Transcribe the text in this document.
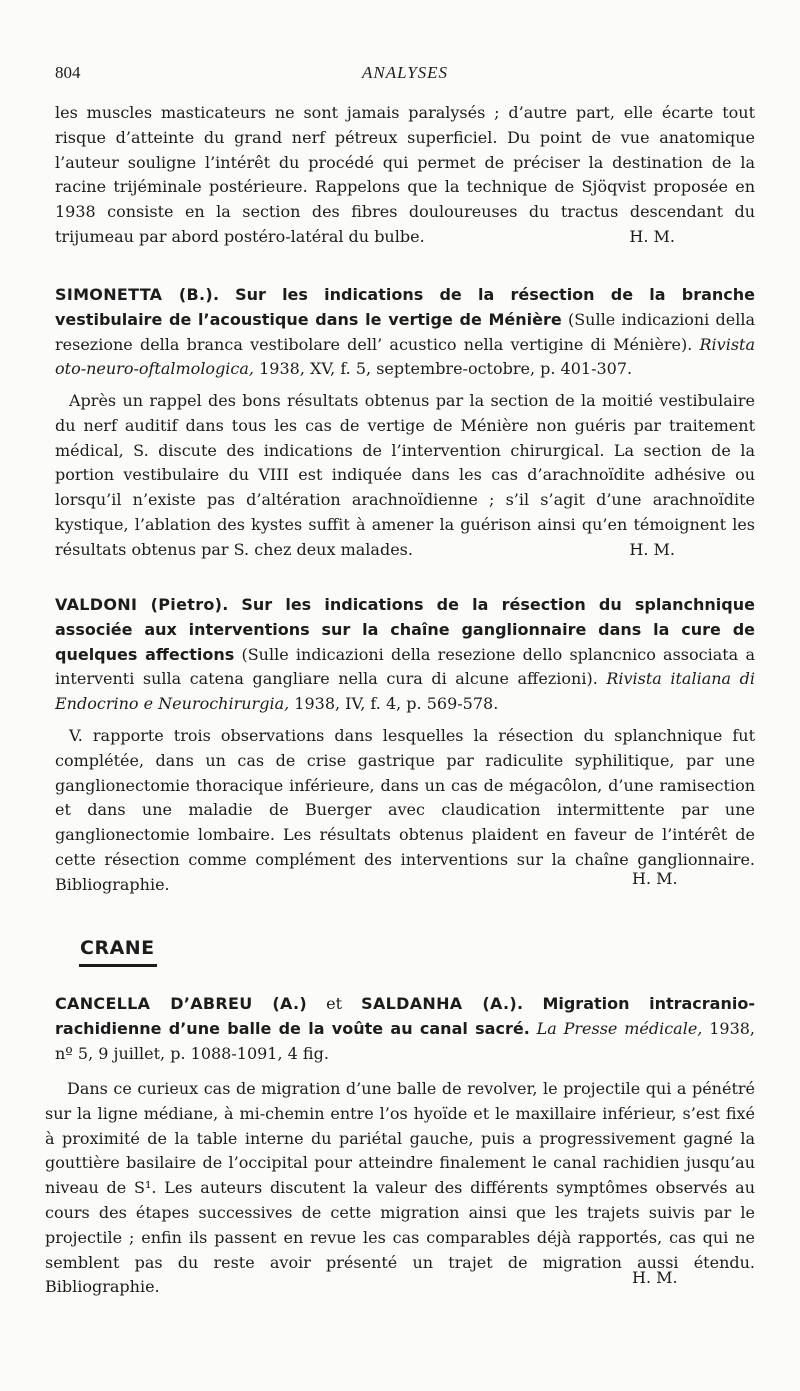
804	ANALYSES

les muscles masticateurs ne sont jamais paralysés ; d’autre part, elle écarte tout risque d’atteinte du grand nerf pétreux superficiel. Du point de vue anatomique l’auteur souligne l’intérêt du procédé qui permet de préciser la destination de la racine trijéminale postérieure. Rappelons que la technique de Sjöqvist proposée en 1938 consiste en la section des fibres douloureuses du tractus descendant du trijumeau par abord postéro-latéral du bulbe.	H. M.

SIMONETTA (B.). Sur les indications de la résection de la branche vestibulaire de l’acoustique dans le vertige de Ménière (Sulle indicazioni della resezione della branca vestibolare dell’ acustico nella vertigine di Ménière). Rivista oto-neuro-oftalmologica, 1938, XV, f. 5, septembre-octobre, p. 401-307.

Après un rappel des bons résultats obtenus par la section de la moitié vestibulaire du nerf auditif dans tous les cas de vertige de Ménière non guéris par traitement médical, S. discute des indications de l’intervention chirurgical. La section de la portion vestibulaire du VIII est indiquée dans les cas d’arachnoïdite adhésive ou lorsqu’il n’existe pas d’altération arachnoïdienne ; s’il s’agit d’une arachnoïdite kystique, l’ablation des kystes suffit à amener la guérison ainsi qu’en témoignent les résultats obtenus par S. chez deux malades.	H. M.

VALDONI (Pietro). Sur les indications de la résection du splanchnique associée aux interventions sur la chaîne ganglionnaire dans la cure de quelques affections (Sulle indicazioni della resezione dello splancnico associata a interventi sulla catena gangliare nella cura di alcune affezioni). Rivista italiana di Endocrino e Neurochirurgia, 1938, IV, f. 4, p. 569-578.

V. rapporte trois observations dans lesquelles la résection du splanchnique fut complétée, dans un cas de crise gastrique par radiculite syphilitique, par une ganglionectomie thoracique inférieure, dans un cas de mégacôlon, d’une ramisection et dans une maladie de Buerger avec claudication intermittente par une ganglionectomie lombaire. Les résultats obtenus plaident en faveur de l’intérêt de cette résection comme complément des interventions sur la chaîne ganglionnaire. Bibliographie.	H. M.
CRANE

CANCELLA D’ABREU (A.) et SALDANHA (A.). Migration intracranio-rachidienne d’une balle de la voûte au canal sacré. La Presse médicale, 1938, nº 5, 9 juillet, p. 1088-1091, 4 fig.

Dans ce curieux cas de migration d’une balle de revolver, le projectile qui a pénétré sur la ligne médiane, à mi-chemin entre l’os hyoïde et le maxillaire inférieur, s’est fixé à proximité de la table interne du pariétal gauche, puis a progressivement gagné la gouttière basilaire de l’occipital pour atteindre finalement le canal rachidien jusqu’au niveau de S¹. Les auteurs discutent la valeur des différents symptômes observés au cours des étapes successives de cette migration ainsi que les trajets suivis par le projectile ; enfin ils passent en revue les cas comparables déjà rapportés, cas qui ne semblent pas du reste avoir présenté un trajet de migration aussi étendu. Bibliographie.	H. M.
